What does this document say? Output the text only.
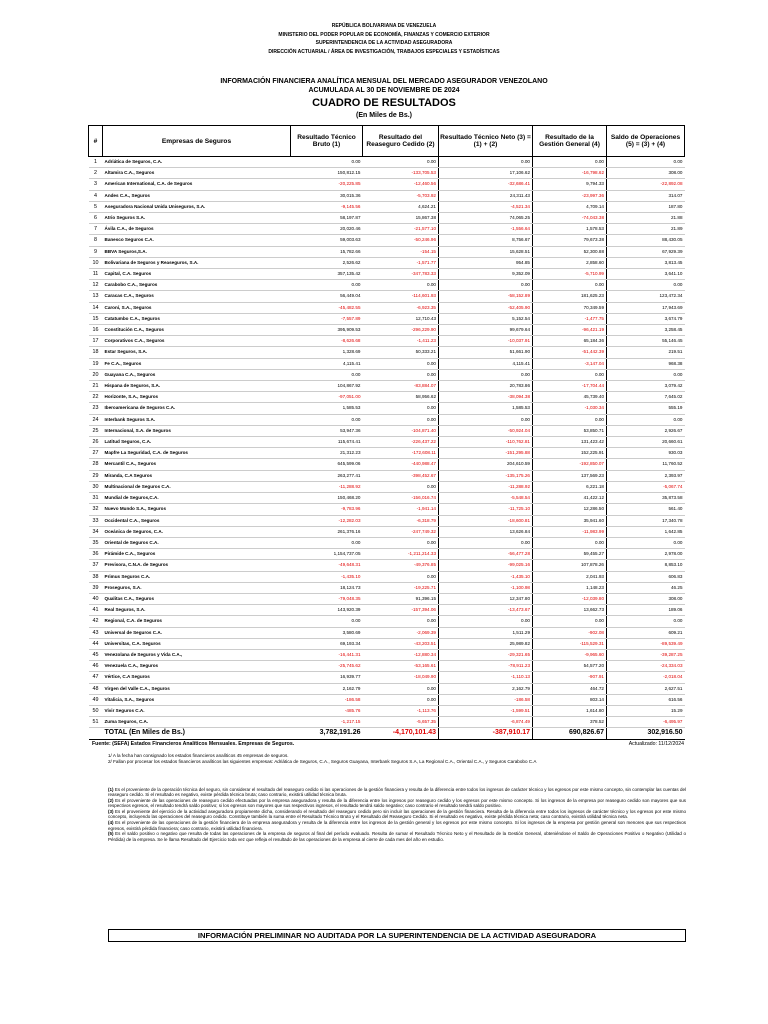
REPÚBLICA BOLIVARIANA DE VENEZUELA
MINISTERIO DEL PODER POPULAR DE ECONOMÍA, FINANZAS Y COMERCIO EXTERIOR
SUPERINTENDENCIA DE LA ACTIVIDAD ASEGURADORA
DIRECCIÓN ACTUARIAL / ÁREA DE INVESTIGACIÓN, TRABAJOS ESPECIALES Y ESTADÍSTICAS
INFORMACIÓN FINANCIERA ANALÍTICA MENSUAL DEL MERCADO ASEGURADOR VENEZOLANO
ACUMULADA AL 30 DE NOVIEMBRE DE 2024
CUADRO DE RESULTADOS
(En Miles de Bs.)
#	Empresas de Seguros	Resultado Técnico Bruto (1)	Resultado del Reaseguro Cedido (2)	Resultado Técnico Neto (3) = (1) + (2)	Resultado de la Gestión General (4)	Saldo de Operaciones (5) = (3) + (4)
1	Adriática de Seguros, C.A.	0.00	0.00	0.00	0.00	0.00
2	Altamira C.A., Seguros	150,812.15	-133,705.53	17,106.62	-16,798.62	308.00
3	American International, C.A. de Seguros	-20,225.85	-12,460.56	-32,686.41	9,794.33	-22,892.08
4	Andes C.A., Seguros	30,015.36	-5,703.92	24,311.43	-23,997.36	314.07
5	Aseguradora Nacional Unida Uniseguros, S.A.	-9,145.56	4,624.21	-4,521.34	4,709.14	187.80
6	Atrio Seguros S.A.	58,197.87	15,867.38	74,065.25	-74,043.38	21.88
7	Ávila C.A., de Seguros	20,020.46	-21,577.10	-1,556.64	1,578.53	21.89
8	Banesco Seguros C.A.	59,003.63	-50,246.96	8,756.67	79,673.38	88,430.05
9	BBVA Seguros,S.A.	15,782.66	-154.15	15,628.51	52,300.88	67,929.39
10	Bolivariana de Seguros y Reaseguros, S.A.	2,526.62	-1,571.77	954.85	2,858.60	3,813.45
11	Capital, C.A. Seguros	357,135.42	-347,783.33	9,352.09	-5,710.99	3,641.10
12	Carabobo C.A., Seguros	0.00	0.00	0.00	0.00	0.00
13	Caracas C.A., Seguros	56,449.04	-114,601.93	-58,152.89	181,625.23	123,472.34
14	Caroní, S.A., Seguros	-45,482.55	-6,923.35	-52,405.90	70,349.59	17,943.69
15	Catatumbo C.A., Seguros	-7,557.89	12,710.43	5,152.54	-1,477.75	3,674.79
16	Constitución C.A., Seguros	395,909.53	-296,229.90	99,679.64	-96,421.19	3,258.45
17	Corporativos C.A., Seguros	-8,626.68	-1,411.23	-10,037.91	65,184.36	55,146.45
18	Estar Seguros, S.A.	1,328.69	50,333.21	51,661.90	-51,442.39	219.51
19	Fe C.A., Seguros	4,115.41	0.00	4,115.41	-3,147.04	968.38
20	Guayana C.A., Seguros	0.00	0.00	0.00	0.00	0.00
21	Hispana de Seguros, S.A.	104,867.92	-83,884.07	20,783.86	-17,704.44	3,079.42
22	Horizonte, S.A., Seguros	-97,051.00	58,956.62	-38,094.38	45,739.40	7,645.02
23	Iberoamericana de Seguros C.A.	1,585.53	0.00	1,585.53	-1,030.34	555.19
24	Interbank Seguros S.A.	0.00	0.00	0.00	0.00	0.00
25	Internacional, S.A. de Seguros	53,947.36	-104,871.40	-50,924.04	53,850.71	2,926.67
26	Latitud Seguros, C.A.	115,674.41	-226,437.22	-110,762.81	131,423.42	20,660.61
27	Mapfre La Seguridad, C.A. de Seguros	21,312.23	-172,608.11	-151,295.88	152,225.91	930.03
28	Mercantil C.A., Seguros	645,599.06	-440,988.47	204,610.59	-192,850.07	11,760.52
29	Miranda, C.A Seguros	263,277.41	-398,452.67	-135,175.26	137,569.23	2,393.97
30	Multinacional de Seguros C.A.	-11,288.92	0.00	-11,288.92	6,221.18	-5,067.74
31	Mundial de Seguros,C.A.	150,468.20	-156,016.74	-5,548.54	41,422.12	35,873.58
32	Nuevo Mundo S.A., Seguros	-9,783.96	-1,941.14	-11,725.10	12,286.50	561.40
33	Occidental C.A., Seguros	-12,282.03	-6,318.79	-18,600.81	35,941.60	17,340.78
34	Oceánica de Seguros, C.A.	261,376.16	-247,749.32	13,626.84	-11,983.99	1,642.85
35	Oriental de Seguros C.A.	0.00	0.00	0.00	0.00	0.00
36	Pirámide C.A., Seguros	1,154,737.05	-1,211,214.33	-56,477.28	59,455.27	2,978.00
37	Previsora, C.N.A. de Seguros	-49,648.31	-49,376.85	-99,025.16	107,878.26	8,853.10
38	Primus Seguros C.A.	-1,435.10	0.00	-1,435.10	2,041.93	606.83
39	Proseguros, S.A.	18,124.73	-19,225.71	-1,100.98	1,148.23	46.25
40	Qualitas C.A., Seguros	-79,048.35	91,396.15	12,347.80	-12,039.80	308.00
41	Real Seguros, S.A.	143,920.39	-157,394.06	-13,473.67	13,662.73	189.06
42	Regional, C.A. de Seguros	0.00	0.00	0.00	0.00	0.00
43	Universal de Seguros C.A.	3,580.69	-2,069.39	1,511.29	-902.08	609.21
44	Universitas, C.A. Seguros	69,193.34	-43,203.51	25,989.82	-115,529.31	-89,539.49
45	Venezolana de Seguros y Vida C.A.,	-16,441.31	-12,880.34	-29,321.65	-9,965.60	-39,287.25
46	Venezuela C.A., Seguros	-25,745.62	-53,165.61	-78,911.23	54,577.20	-24,334.03
47	Vértice, C.A Seguros	16,939.77	-18,049.90	-1,110.13	-907.91	-2,018.04
48	Virgen del Valle C.A., Seguros	2,162.79	0.00	2,162.79	464.72	2,627.51
49	Vitalicia, S.A., Seguros	-186.58	0.00	-186.58	803.14	616.56
50	Vivir Seguros C.A.	-485.76	-1,113.76	-1,599.51	1,614.80	15.29
51	Zuma Seguros, C.A.	-1,217.15	-5,657.35	-6,874.49	378.52	-6,495.97
	TOTAL (En Miles de Bs.)	3,782,191.26	-4,170,101.43	-387,910.17	690,826.67	302,916.50
Fuente: (SEFA) Estados Financieros Analíticos Mensuales. Empresas de Seguros.	Actualizado: 11/12/2024
1/ A la fecha han consignado los estados financieros analíticos 45 empresas de seguros.
2/ Fallan por procesar los estados financieros analíticos las siguientes empresas: Adriática de Seguros, C.A., Seguros Guayana, Interbank Seguros S.A, La Regional C.A., Oriental C.A., y Seguros Carabobo C.A

(1) Es el proveniente de la operación técnica del seguro, sin considerar el resultado del reaseguro cedido ni las operaciones de la gestión financiera y resulta de la diferencia entre todos los ingresos de carácter técnico y los egresos por este mismo concepto, sin contemplar las cuentas del reaseguro cedido. Si el resultado es negativo, existe pérdida técnica bruta; caso contrario, existirá utilidad técnica bruta.

(2) Es el proveniente de las operaciones de reaseguro cedido efectuadas por la empresa aseguradora y resulta de la diferencia entre los ingresos por reaseguro cedido y los egresos por este mismo concepto. Si los ingresos de la empresa por reaseguro cedido son mayores que sus respectivos egresos, el resultado tendrá saldo positivo; si los egresos son mayores que sus respectivos ingresos, el resultado tendrá saldo negativo; caso contrario el resultado tendrá saldo positivo.

(3) Es el proveniente del ejercicio de la actividad aseguradora propiamente dicha, considerando el resultado del reaseguro cedido pero sin incluir las operaciones de la gestión financiera. Resulta de la diferencia entre todos los ingresos de carácter técnico y los egresos por este mismo concepto, incluyendo las operaciones del reaseguro cedido. Constituye también la suma entre el Resultado Técnico Bruto y el Resultado del Reaseguro Cedido. Si el resultado es negativo, existe pérdida técnica neta; caso contrario, existirá utilidad técnica neta.

(4) Es el proveniente de las operaciones de la gestión financiera de la empresa aseguradora y resulta de la diferencia entre los ingresos de la gestión general y los egresos por este mismo concepto. Si los ingresos de la empresa por gestión general son menores que sus respectivos egresos, existirá pérdida financiera; caso contrario, existirá utilidad financiera.

(5) Es el saldo positivo o negativo que resulta de todas las operaciones de la empresa de seguros al final del período evaluado. Resulta de sumar el Resultado Técnico Neto y el Resultado de la Gestión General, obteniéndose el Saldo de Operaciones Positivo o Negativo (Utilidad o Pérdida) de la empresa. Se le llama Resultado del Ejercicio toda vez que refleja el resultado de las operaciones de la empresa al cierre de cada mes del año en estudio.

INFORMACIÓN PRELIMINAR NO AUDITADA POR LA SUPERINTENDENCIA DE LA ACTIVIDAD ASEGURADORA
